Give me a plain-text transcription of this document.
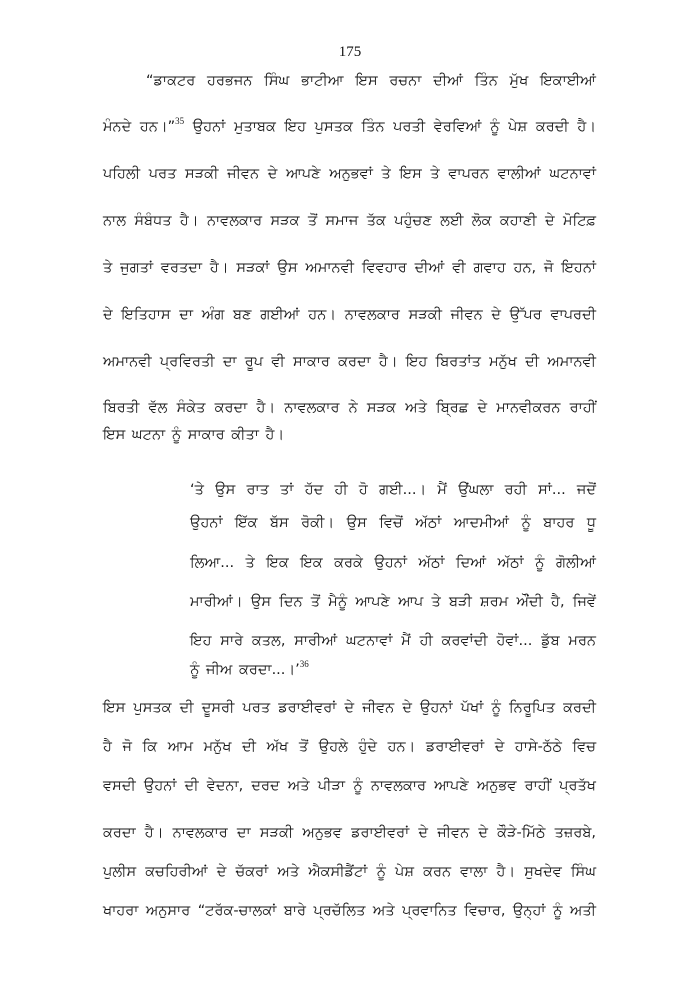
175
“ਡਾਕਟਰ ਹਰਭਜਨ ਸਿੰਘ ਭਾਟੀਆ ਇਸ ਰਚਨਾ ਦੀਆਂ ਤਿੰਨ ਮੁੱਖ ਇਕਾਈਆਂ
ਮੰਨਦੇ ਹਨ।”$^{35}$ ਉਹਨਾਂ ਮੁਤਾਬਕ ਇਹ ਪੁਸਤਕ ਤਿੰਨ ਪਰਤੀ ਵੇਰਵਿਆਂ ਨੂੰ ਪੇਸ਼ ਕਰਦੀ ਹੈ।
ਪਹਿਲੀ ਪਰਤ ਸੜਕੀ ਜੀਵਨ ਦੇ ਆਪਣੇ ਅਨੁਭਵਾਂ ਤੇ ਇਸ ਤੇ ਵਾਪਰਨ ਵਾਲੀਆਂ ਘਟਨਾਵਾਂ
ਨਾਲ ਸੰਬੰਧਤ ਹੈ। ਨਾਵਲਕਾਰ ਸੜਕ ਤੋਂ ਸਮਾਜ ਤੱਕ ਪਹੁੰਚਣ ਲਈ ਲੋਕ ਕਹਾਣੀ ਦੇ ਮੋਟਿਫ਼
ਤੇ ਜੁਗਤਾਂ ਵਰਤਦਾ ਹੈ। ਸੜਕਾਂ ਉਸ ਅਮਾਨਵੀ ਵਿਵਹਾਰ ਦੀਆਂ ਵੀ ਗਵਾਹ ਹਨ, ਜੋ ਇਹਨਾਂ
ਦੇ ਇਤਿਹਾਸ ਦਾ ਅੰਗ ਬਣ ਗਈਆਂ ਹਨ। ਨਾਵਲਕਾਰ ਸੜਕੀ ਜੀਵਨ ਦੇ ਉੱਪਰ ਵਾਪਰਦੀ
ਅਮਾਨਵੀ ਪ੍ਰਵਿਰਤੀ ਦਾ ਰੂਪ ਵੀ ਸਾਕਾਰ ਕਰਦਾ ਹੈ। ਇਹ ਬਿਰਤਾਂਤ ਮਨੁੱਖ ਦੀ ਅਮਾਨਵੀ
ਬਿਰਤੀ ਵੱਲ ਸੰਕੇਤ ਕਰਦਾ ਹੈ। ਨਾਵਲਕਾਰ ਨੇ ਸੜਕ ਅਤੇ ਬ੍ਰਿਛ ਦੇ ਮਾਨਵੀਕਰਨ ਰਾਹੀਂ
ਇਸ ਘਟਨਾ ਨੂੰ ਸਾਕਾਰ ਕੀਤਾ ਹੈ।
‘ਤੇ ਉਸ ਰਾਤ ਤਾਂ ਹੱਦ ਹੀ ਹੋ ਗਈ...। ਮੈਂ ਉਂਘਲਾ ਰਹੀ ਸਾਂ... ਜਦੋਂ
ਉਹਨਾਂ ਇੱਕ ਬੱਸ ਰੋਕੀ। ਉਸ ਵਿਚੋਂ ਅੱਠਾਂ ਆਦਮੀਆਂ ਨੂੰ ਬਾਹਰ ਧੂ
ਲਿਆ... ਤੇ ਇਕ ਇਕ ਕਰਕੇ ਉਹਨਾਂ ਅੱਠਾਂ ਦਿਆਂ ਅੱਠਾਂ ਨੂੰ ਗੋਲੀਆਂ
ਮਾਰੀਆਂ। ਉਸ ਦਿਨ ਤੋਂ ਮੈਨੂੰ ਆਪਣੇ ਆਪ ਤੇ ਬੜੀ ਸ਼ਰਮ ਔਂਦੀ ਹੈ, ਜਿਵੇਂ
ਇਹ ਸਾਰੇ ਕਤਲ, ਸਾਰੀਆਂ ਘਟਨਾਵਾਂ ਮੈਂ ਹੀ ਕਰਵਾਂਦੀ ਹੋਵਾਂ... ਡੁੱਬ ਮਰਨ
ਨੂੰ ਜੀਅ ਕਰਦਾ...।’$^{36}$
ਇਸ ਪੁਸਤਕ ਦੀ ਦੂਸਰੀ ਪਰਤ ਡਰਾਈਵਰਾਂ ਦੇ ਜੀਵਨ ਦੇ ਉਹਨਾਂ ਪੱਖਾਂ ਨੂੰ ਨਿਰੂਪਿਤ ਕਰਦੀ
ਹੈ ਜੋ ਕਿ ਆਮ ਮਨੁੱਖ ਦੀ ਅੱਖ ਤੋਂ ਉਹਲੇ ਹੁੰਦੇ ਹਨ। ਡਰਾਈਵਰਾਂ ਦੇ ਹਾਸੇ-ਠੱਠੇ ਵਿਚ
ਵਸਦੀ ਉਹਨਾਂ ਦੀ ਵੇਦਨਾ, ਦਰਦ ਅਤੇ ਪੀੜਾ ਨੂੰ ਨਾਵਲਕਾਰ ਆਪਣੇ ਅਨੁਭਵ ਰਾਹੀਂ ਪ੍ਰਤੱਖ
ਕਰਦਾ ਹੈ। ਨਾਵਲਕਾਰ ਦਾ ਸੜਕੀ ਅਨੁਭਵ ਡਰਾਈਵਰਾਂ ਦੇ ਜੀਵਨ ਦੇ ਕੌੜੇ-ਮਿੱਠੇ ਤਜ਼ਰਬੇ,
ਪੁਲੀਸ ਕਚਹਿਰੀਆਂ ਦੇ ਚੱਕਰਾਂ ਅਤੇ ਐਕਸੀਡੈਂਟਾਂ ਨੂੰ ਪੇਸ਼ ਕਰਨ ਵਾਲਾ ਹੈ। ਸੁਖਦੇਵ ਸਿੰਘ
ਖਾਹਰਾ ਅਨੁਸਾਰ “ਟਰੱਕ-ਚਾਲਕਾਂ ਬਾਰੇ ਪ੍ਰਚੱਲਿਤ ਅਤੇ ਪ੍ਰਵਾਨਿਤ ਵਿਚਾਰ, ਉਨ੍ਹਾਂ ਨੂੰ ਅਤੀ
